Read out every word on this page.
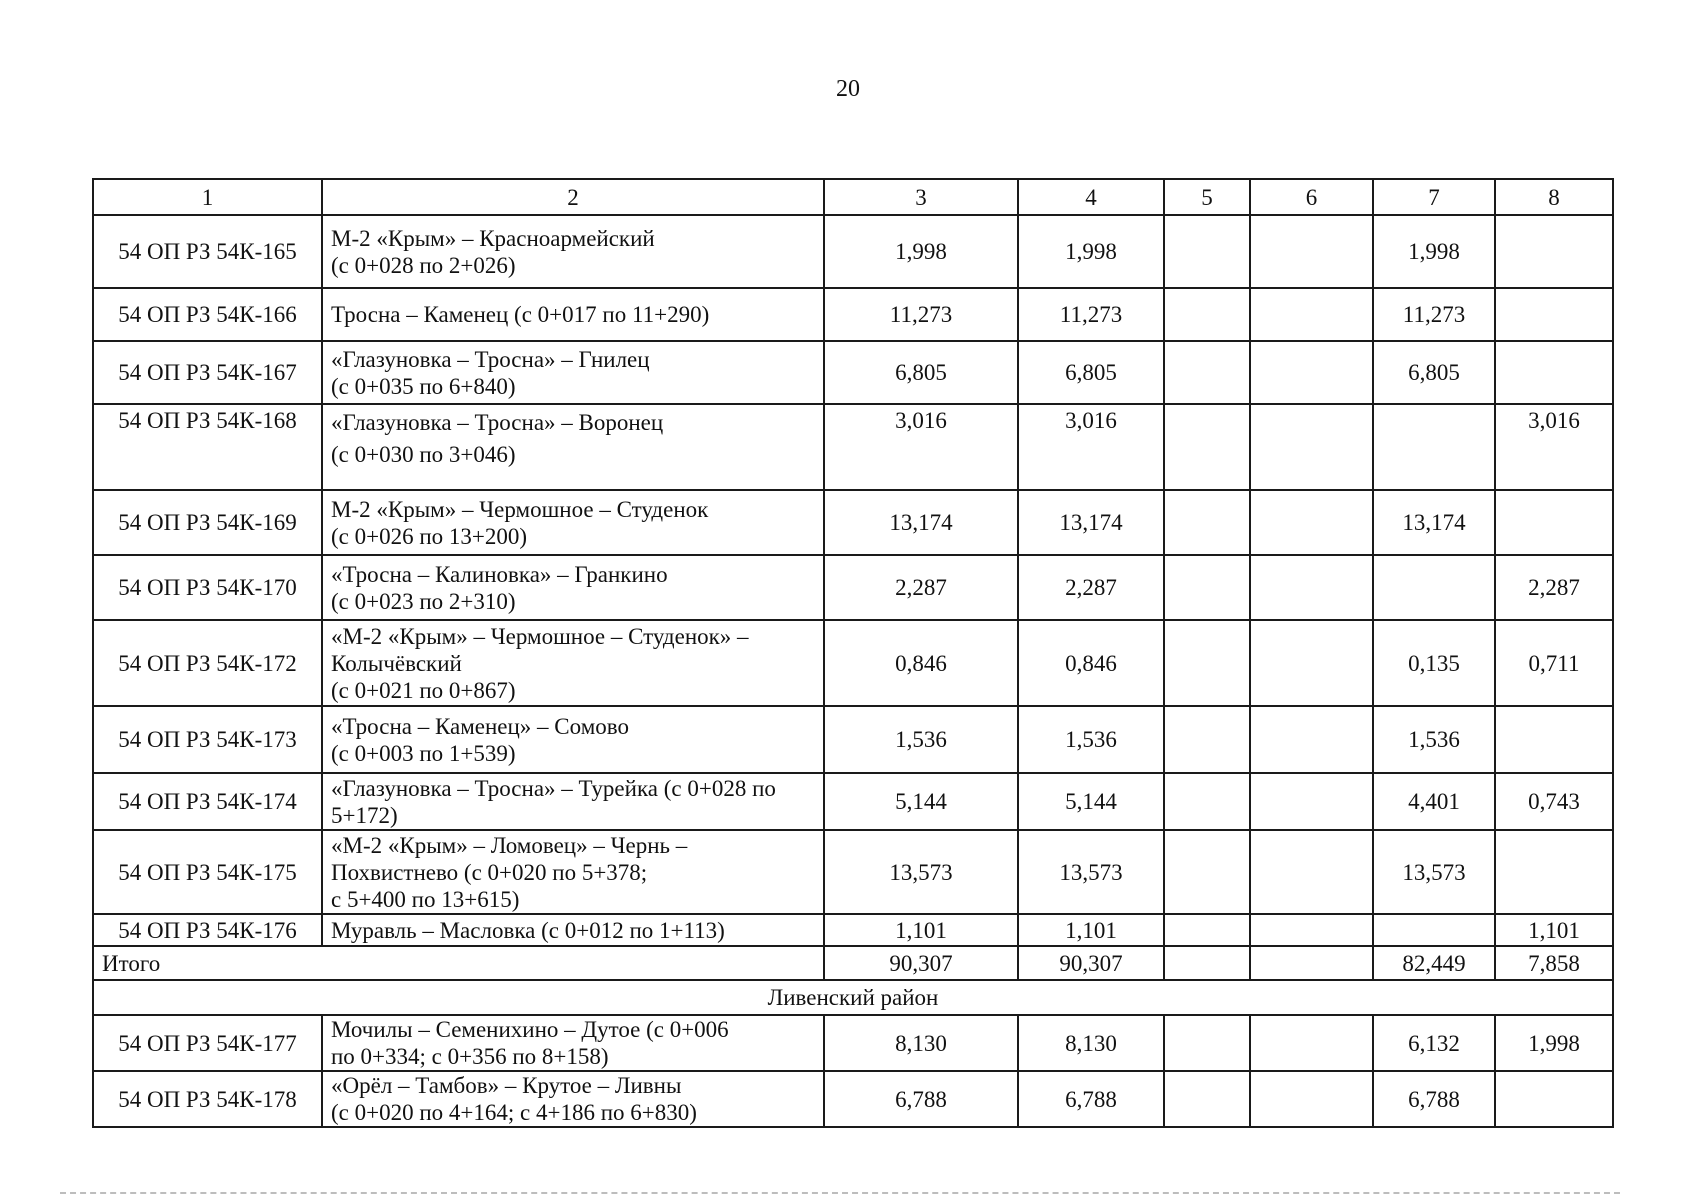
20
1	2	3	4	5	6	7	8
54 ОП РЗ 54К-165	М-2 «Крым» – Красноармейский
(с 0+028 по 2+026)	1,998	1,998			1,998	
54 ОП РЗ 54К-166	Тросна – Каменец (с 0+017 по 11+290)	11,273	11,273			11,273	
54 ОП РЗ 54К-167	«Глазуновка – Тросна» – Гнилец
(с 0+035 по 6+840)	6,805	6,805			6,805	
54 ОП РЗ 54К-168	«Глазуновка – Тросна» – Воронец
(с 0+030 по 3+046)	3,016	3,016				3,016
54 ОП РЗ 54К-169	М-2 «Крым» – Чермошное – Студенок
(с 0+026 по 13+200)	13,174	13,174			13,174	
54 ОП РЗ 54К-170	«Тросна – Калиновка» – Гранкино
(с 0+023 по 2+310)	2,287	2,287				2,287
54 ОП РЗ 54К-172	«М-2 «Крым» – Чермошное – Студенок» –
Колычёвский
(с 0+021 по 0+867)	0,846	0,846			0,135	0,711
54 ОП РЗ 54К-173	«Тросна – Каменец» – Сомово
(с 0+003 по 1+539)	1,536	1,536			1,536	
54 ОП РЗ 54К-174	«Глазуновка – Тросна» – Турейка (с 0+028 по
5+172)	5,144	5,144			4,401	0,743
54 ОП РЗ 54К-175	«М-2 «Крым» – Ломовец» – Чернь –
Похвистнево (с 0+020 по 5+378;
с 5+400 по 13+615)	13,573	13,573			13,573	
54 ОП РЗ 54К-176	Муравль – Масловка (с 0+012 по 1+113)	1,101	1,101				1,101
Итого		90,307	90,307			82,449	7,858
Ливенский район							
54 ОП РЗ 54К-177	Мочилы – Семенихино – Дутое (с 0+006
по 0+334; с 0+356 по 8+158)	8,130	8,130			6,132	1,998
54 ОП РЗ 54К-178	«Орёл – Тамбов» – Крутое – Ливны
(с 0+020 по 4+164; с 4+186 по 6+830)	6,788	6,788			6,788	
